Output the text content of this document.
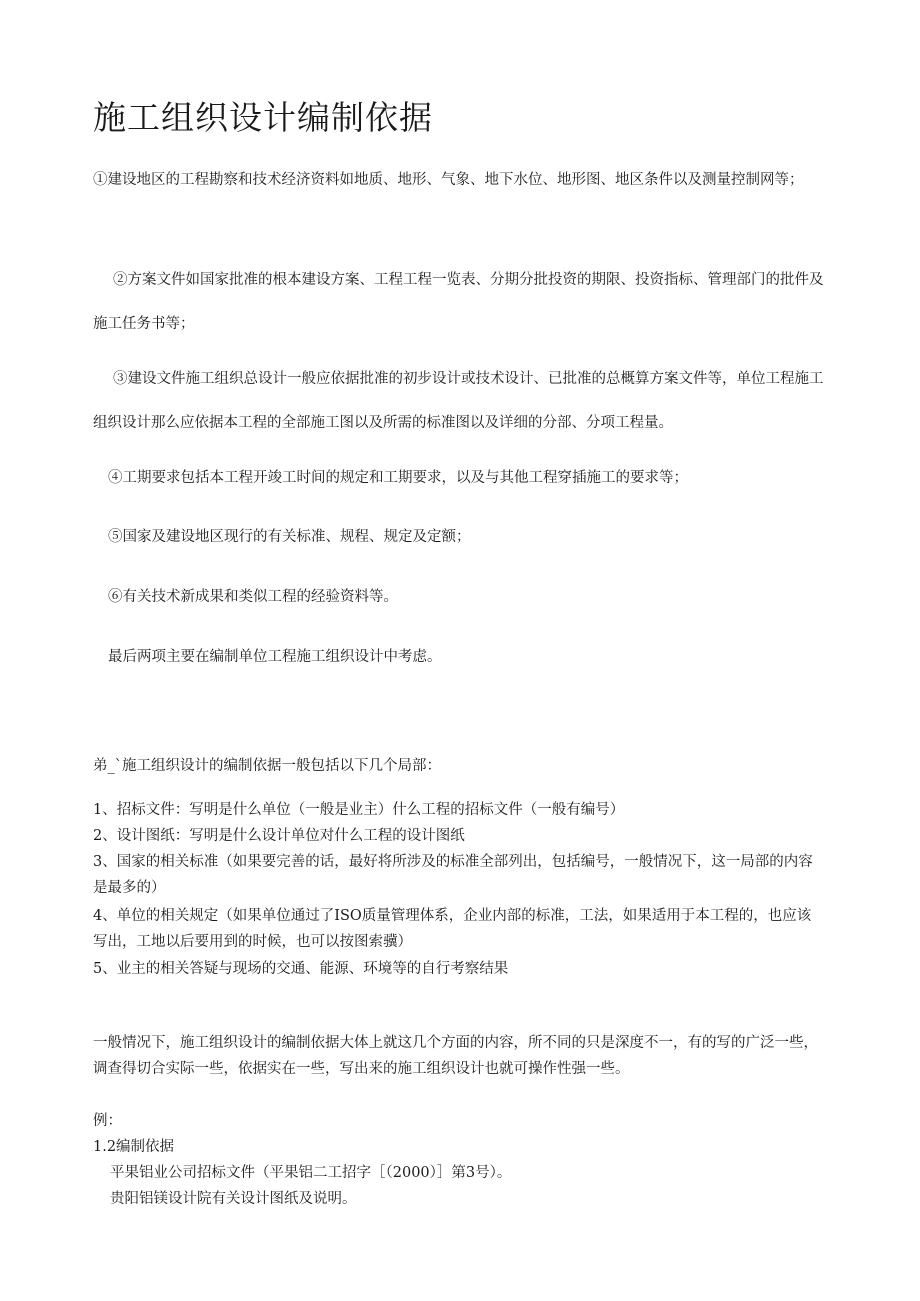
施工组织设计编制依据

①建设地区的工程勘察和技术经济资料如地质、地形、气象、地下水位、地形图、地区条件以及测量控制网等；

②方案文件如国家批准的根本建设方案、工程工程一览表、分期分批投资的期限、投资指标、管理部门的批件及施工任务书等；

③建设文件施工组织总设计一般应依据批准的初步设计或技术设计、已批准的总概算方案文件等，单位工程施工组织设计那么应依据本工程的全部施工图以及所需的标准图以及详细的分部、分项工程量。

④工期要求包括本工程开竣工时间的规定和工期要求，以及与其他工程穿插施工的要求等；

⑤国家及建设地区现行的有关标准、规程、规定及定额；

⑥有关技术新成果和类似工程的经验资料等。

最后两项主要在编制单位工程施工组织设计中考虑。

弟_`施工组织设计的编制依据一般包括以下几个局部：

1、招标文件：写明是什么单位（一般是业主）什么工程的招标文件（一般有编号）

2、设计图纸：写明是什么设计单位对什么工程的设计图纸

3、国家的相关标准（如果要完善的话，最好将所涉及的标准全部列出，包括编号，一般情况下，这一局部的内容是最多的）

4、单位的相关规定（如果单位通过了ISO质量管理体系，企业内部的标准，工法，如果适用于本工程的，也应该写出，工地以后要用到的时候，也可以按图索骥）

5、业主的相关答疑与现场的交通、能源、环境等的自行考察结果

一般情况下，施工组织设计的编制依据大体上就这几个方面的内容，所不同的只是深度不一，有的写的广泛一些，调查得切合实际一些，依据实在一些，写出来的施工组织设计也就可操作性强一些。

例：

1.2编制依据

平果铝业公司招标文件（平果铝二工招字［（2000）］第3号）。

贵阳铝镁设计院有关设计图纸及说明。
